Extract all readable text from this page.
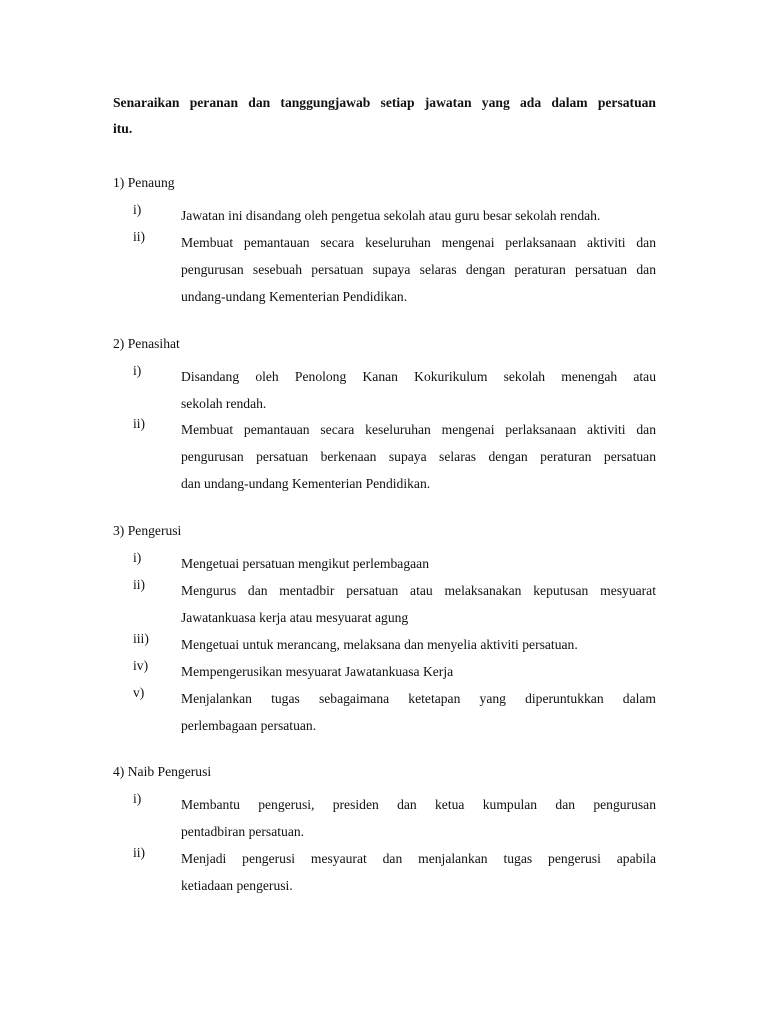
Senaraikan peranan dan tanggungjawab setiap jawatan yang ada dalam persatuan
itu.
1) Penaung
i)	Jawatan ini disandang oleh pengetua sekolah atau guru besar sekolah rendah.
ii)	Membuat pemantauan secara keseluruhan mengenai perlaksanaan aktiviti dan
pengurusan sesebuah persatuan supaya selaras dengan peraturan persatuan dan
undang-undang Kementerian Pendidikan.
2) Penasihat
i)	Disandang oleh Penolong Kanan Kokurikulum sekolah menengah atau
sekolah rendah.
ii)	Membuat pemantauan secara keseluruhan mengenai perlaksanaan aktiviti dan
pengurusan persatuan berkenaan supaya selaras dengan peraturan persatuan
dan undang-undang Kementerian Pendidikan.
3) Pengerusi
i)	Mengetuai persatuan mengikut perlembagaan
ii)	Mengurus dan mentadbir persatuan atau melaksanakan keputusan mesyuarat
Jawatankuasa kerja atau mesyuarat agung
iii) Mengetuai untuk merancang, melaksana dan menyelia aktiviti persatuan.
iv) Mempengerusikan mesyuarat Jawatankuasa Kerja
v)	Menjalankan tugas sebagaimana ketetapan yang diperuntukkan dalam
perlembagaan persatuan.
4) Naib Pengerusi
i)	Membantu pengerusi, presiden dan ketua kumpulan dan pengurusan
pentadbiran persatuan.
ii)	Menjadi pengerusi mesyaurat dan menjalankan tugas pengerusi apabila
ketiadaan pengerusi.
